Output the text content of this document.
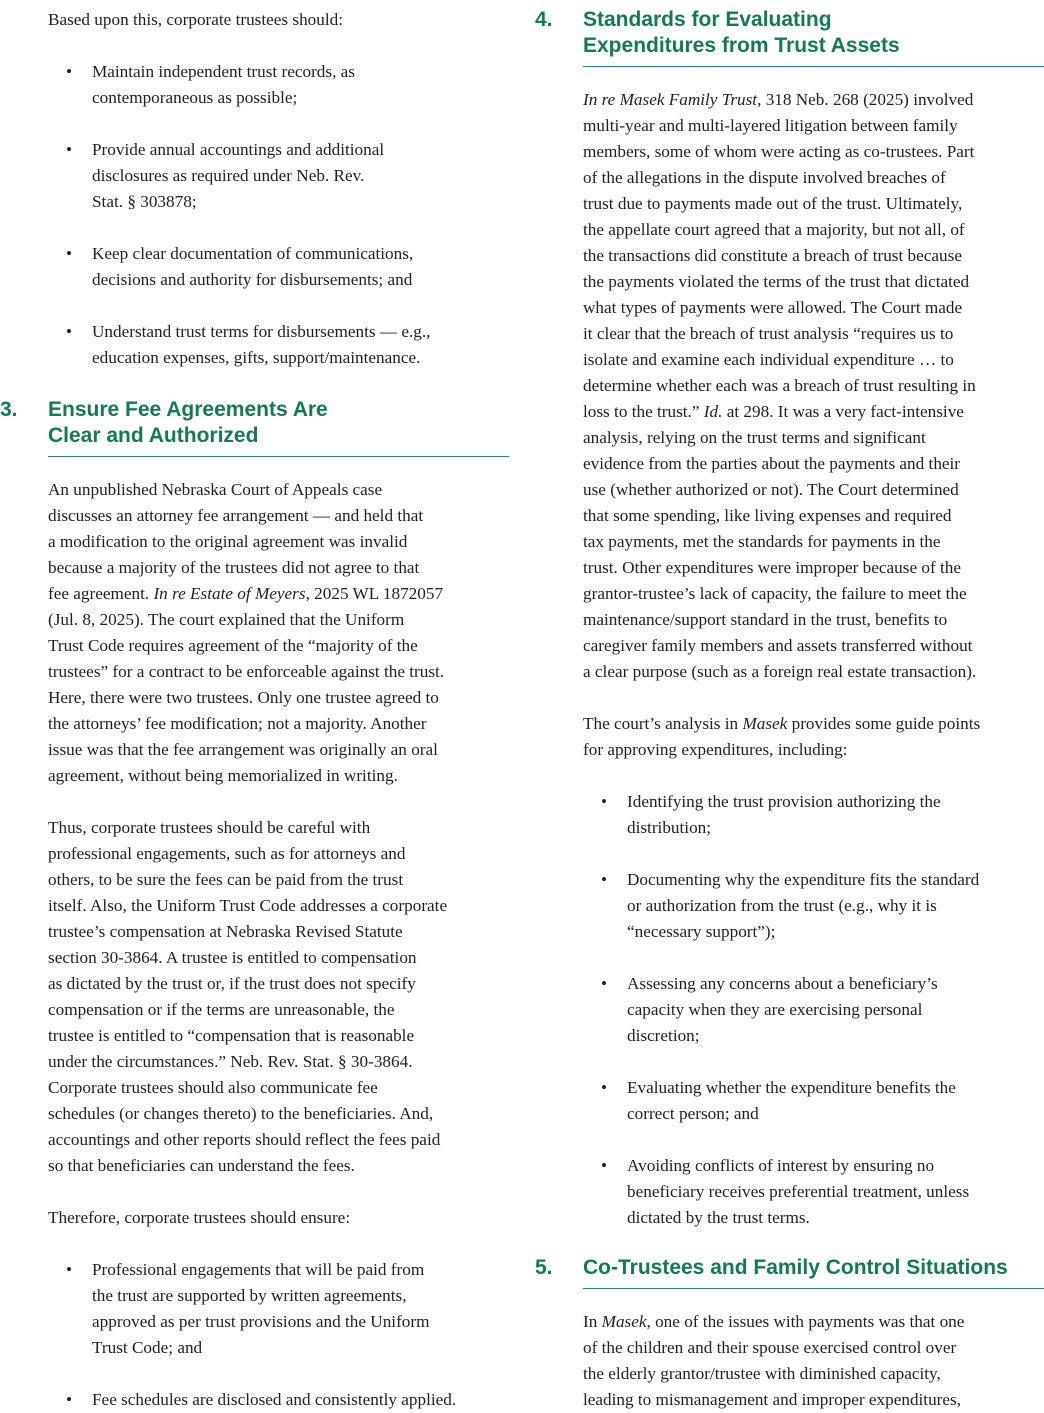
Based upon this, corporate trustees should:

• Maintain independent trust records, as
contemporaneous as possible;
• Provide annual accountings and additional
disclosures as required under Neb. Rev.
Stat. § 303878;
• Keep clear documentation of communications,
decisions and authority for disbursements; and
• Understand trust terms for disbursements — e.g.,
education expenses, gifts, support/maintenance.
3.	Ensure Fee Agreements Are
Clear and Authorized

An unpublished Nebraska Court of Appeals case
discusses an attorney fee arrangement — and held that
a modification to the original agreement was invalid
because a majority of the trustees did not agree to that
fee agreement. In re Estate of Meyers, 2025 WL 1872057
(Jul. 8, 2025). The court explained that the Uniform
Trust Code requires agreement of the “majority of the
trustees” for a contract to be enforceable against the trust.
Here, there were two trustees. Only one trustee agreed to
the attorneys’ fee modification; not a majority. Another
issue was that the fee arrangement was originally an oral
agreement, without being memorialized in writing.

Thus, corporate trustees should be careful with
professional engagements, such as for attorneys and
others, to be sure the fees can be paid from the trust
itself. Also, the Uniform Trust Code addresses a corporate
trustee’s compensation at Nebraska Revised Statute
section 30-3864. A trustee is entitled to compensation
as dictated by the trust or, if the trust does not specify
compensation or if the terms are unreasonable, the
trustee is entitled to “compensation that is reasonable
under the circumstances.” Neb. Rev. Stat. § 30-3864.
Corporate trustees should also communicate fee
schedules (or changes thereto) to the beneficiaries. And,
accountings and other reports should reflect the fees paid
so that beneficiaries can understand the fees.

Therefore, corporate trustees should ensure:

• Professional engagements that will be paid from
the trust are supported by written agreements,
approved as per trust provisions and the Uniform
Trust Code; and
• Fee schedules are disclosed and consistently applied.
4.	Standards for Evaluating
Expenditures from Trust Assets

In re Masek Family Trust, 318 Neb. 268 (2025) involved
multi-year and multi-layered litigation between family
members, some of whom were acting as co-trustees. Part
of the allegations in the dispute involved breaches of
trust due to payments made out of the trust. Ultimately,
the appellate court agreed that a majority, but not all, of
the transactions did constitute a breach of trust because
the payments violated the terms of the trust that dictated
what types of payments were allowed. The Court made
it clear that the breach of trust analysis “requires us to
isolate and examine each individual expenditure … to
determine whether each was a breach of trust resulting in
loss to the trust.” Id. at 298. It was a very fact-intensive
analysis, relying on the trust terms and significant
evidence from the parties about the payments and their
use (whether authorized or not). The Court determined
that some spending, like living expenses and required
tax payments, met the standards for payments in the
trust. Other expenditures were improper because of the
grantor-trustee’s lack of capacity, the failure to meet the
maintenance/support standard in the trust, benefits to
caregiver family members and assets transferred without
a clear purpose (such as a foreign real estate transaction).

The court’s analysis in Masek provides some guide points
for approving expenditures, including:

• Identifying the trust provision authorizing the
distribution;
• Documenting why the expenditure fits the standard
or authorization from the trust (e.g., why it is
“necessary support”);
• Assessing any concerns about a beneficiary’s
capacity when they are exercising personal
discretion;
• Evaluating whether the expenditure benefits the
correct person; and
• Avoiding conflicts of interest by ensuring no
beneficiary receives preferential treatment, unless
dictated by the trust terms.
5.	Co-Trustees and Family Control Situations

In Masek, one of the issues with payments was that one
of the children and their spouse exercised control over
the elderly grantor/trustee with diminished capacity,
leading to mismanagement and improper expenditures,
